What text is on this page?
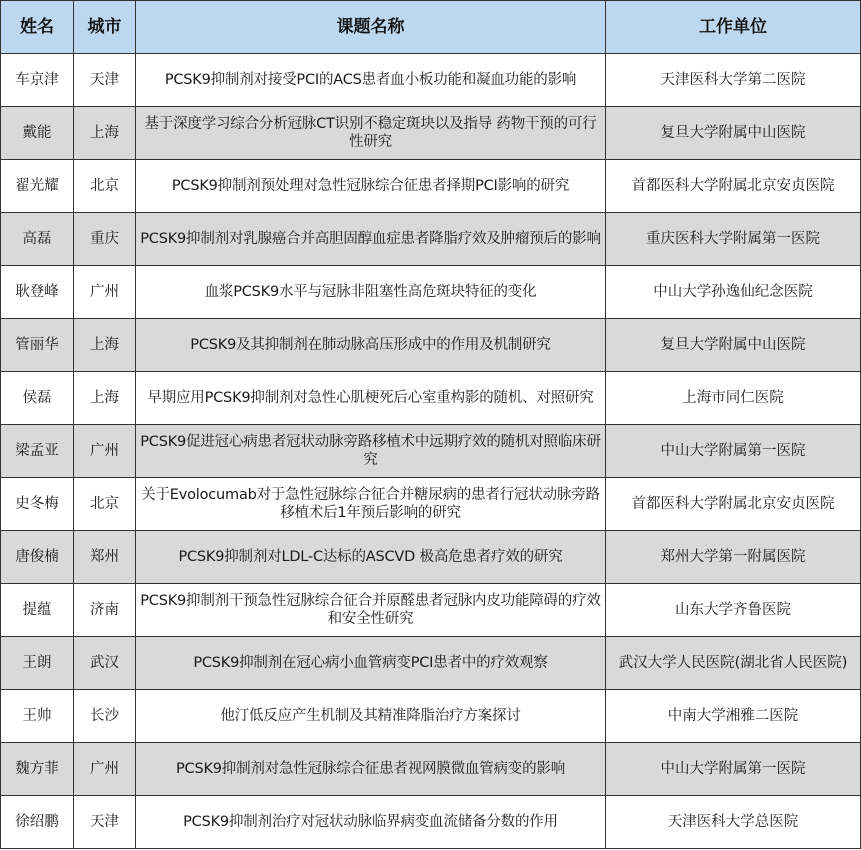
姓名	城市	课题名称	工作单位
车京津	天津	PCSK9抑制剂对接受PCI的ACS患者血小板功能和凝血功能的影响	天津医科大学第二医院
戴能	上海	基于深度学习综合分析冠脉CT识别不稳定斑块以及指导 药物干预的可行性研究	复旦大学附属中山医院
翟光耀	北京	PCSK9抑制剂预处理对急性冠脉综合征患者择期PCI影响的研究	首都医科大学附属北京安贞医院
高磊	重庆	PCSK9抑制剂对乳腺癌合并高胆固醇血症患者降脂疗效及肿瘤预后的影响	重庆医科大学附属第一医院
耿登峰	广州	血浆PCSK9水平与冠脉非阻塞性高危斑块特征的变化	中山大学孙逸仙纪念医院
管丽华	上海	PCSK9及其抑制剂在肺动脉高压形成中的作用及机制研究	复旦大学附属中山医院
侯磊	上海	早期应用PCSK9抑制剂对急性心肌梗死后心室重构影的随机、对照研究	上海市同仁医院
梁孟亚	广州	PCSK9促进冠心病患者冠状动脉旁路移植术中远期疗效的随机对照临床研究	中山大学附属第一医院
史冬梅	北京	关于Evolocumab对于急性冠脉综合征合并糖尿病的患者行冠状动脉旁路移植术后1年预后影响的研究	首都医科大学附属北京安贞医院
唐俊楠	郑州	PCSK9抑制剂对LDL-C达标的ASCVD 极高危患者疗效的研究	郑州大学第一附属医院
提蕴	济南	PCSK9抑制剂干预急性冠脉综合征合并原醛患者冠脉内皮功能障碍的疗效和安全性研究	山东大学齐鲁医院
王朗	武汉	PCSK9抑制剂在冠心病小血管病变PCI患者中的疗效观察	武汉大学人民医院(湖北省人民医院)
王帅	长沙	他汀低反应产生机制及其精准降脂治疗方案探讨	中南大学湘雅二医院
魏方菲	广州	PCSK9抑制剂对急性冠脉综合征患者视网膜微血管病变的影响	中山大学附属第一医院
徐绍鹏	天津	PCSK9抑制剂治疗对冠状动脉临界病变血流储备分数的作用	天津医科大学总医院
